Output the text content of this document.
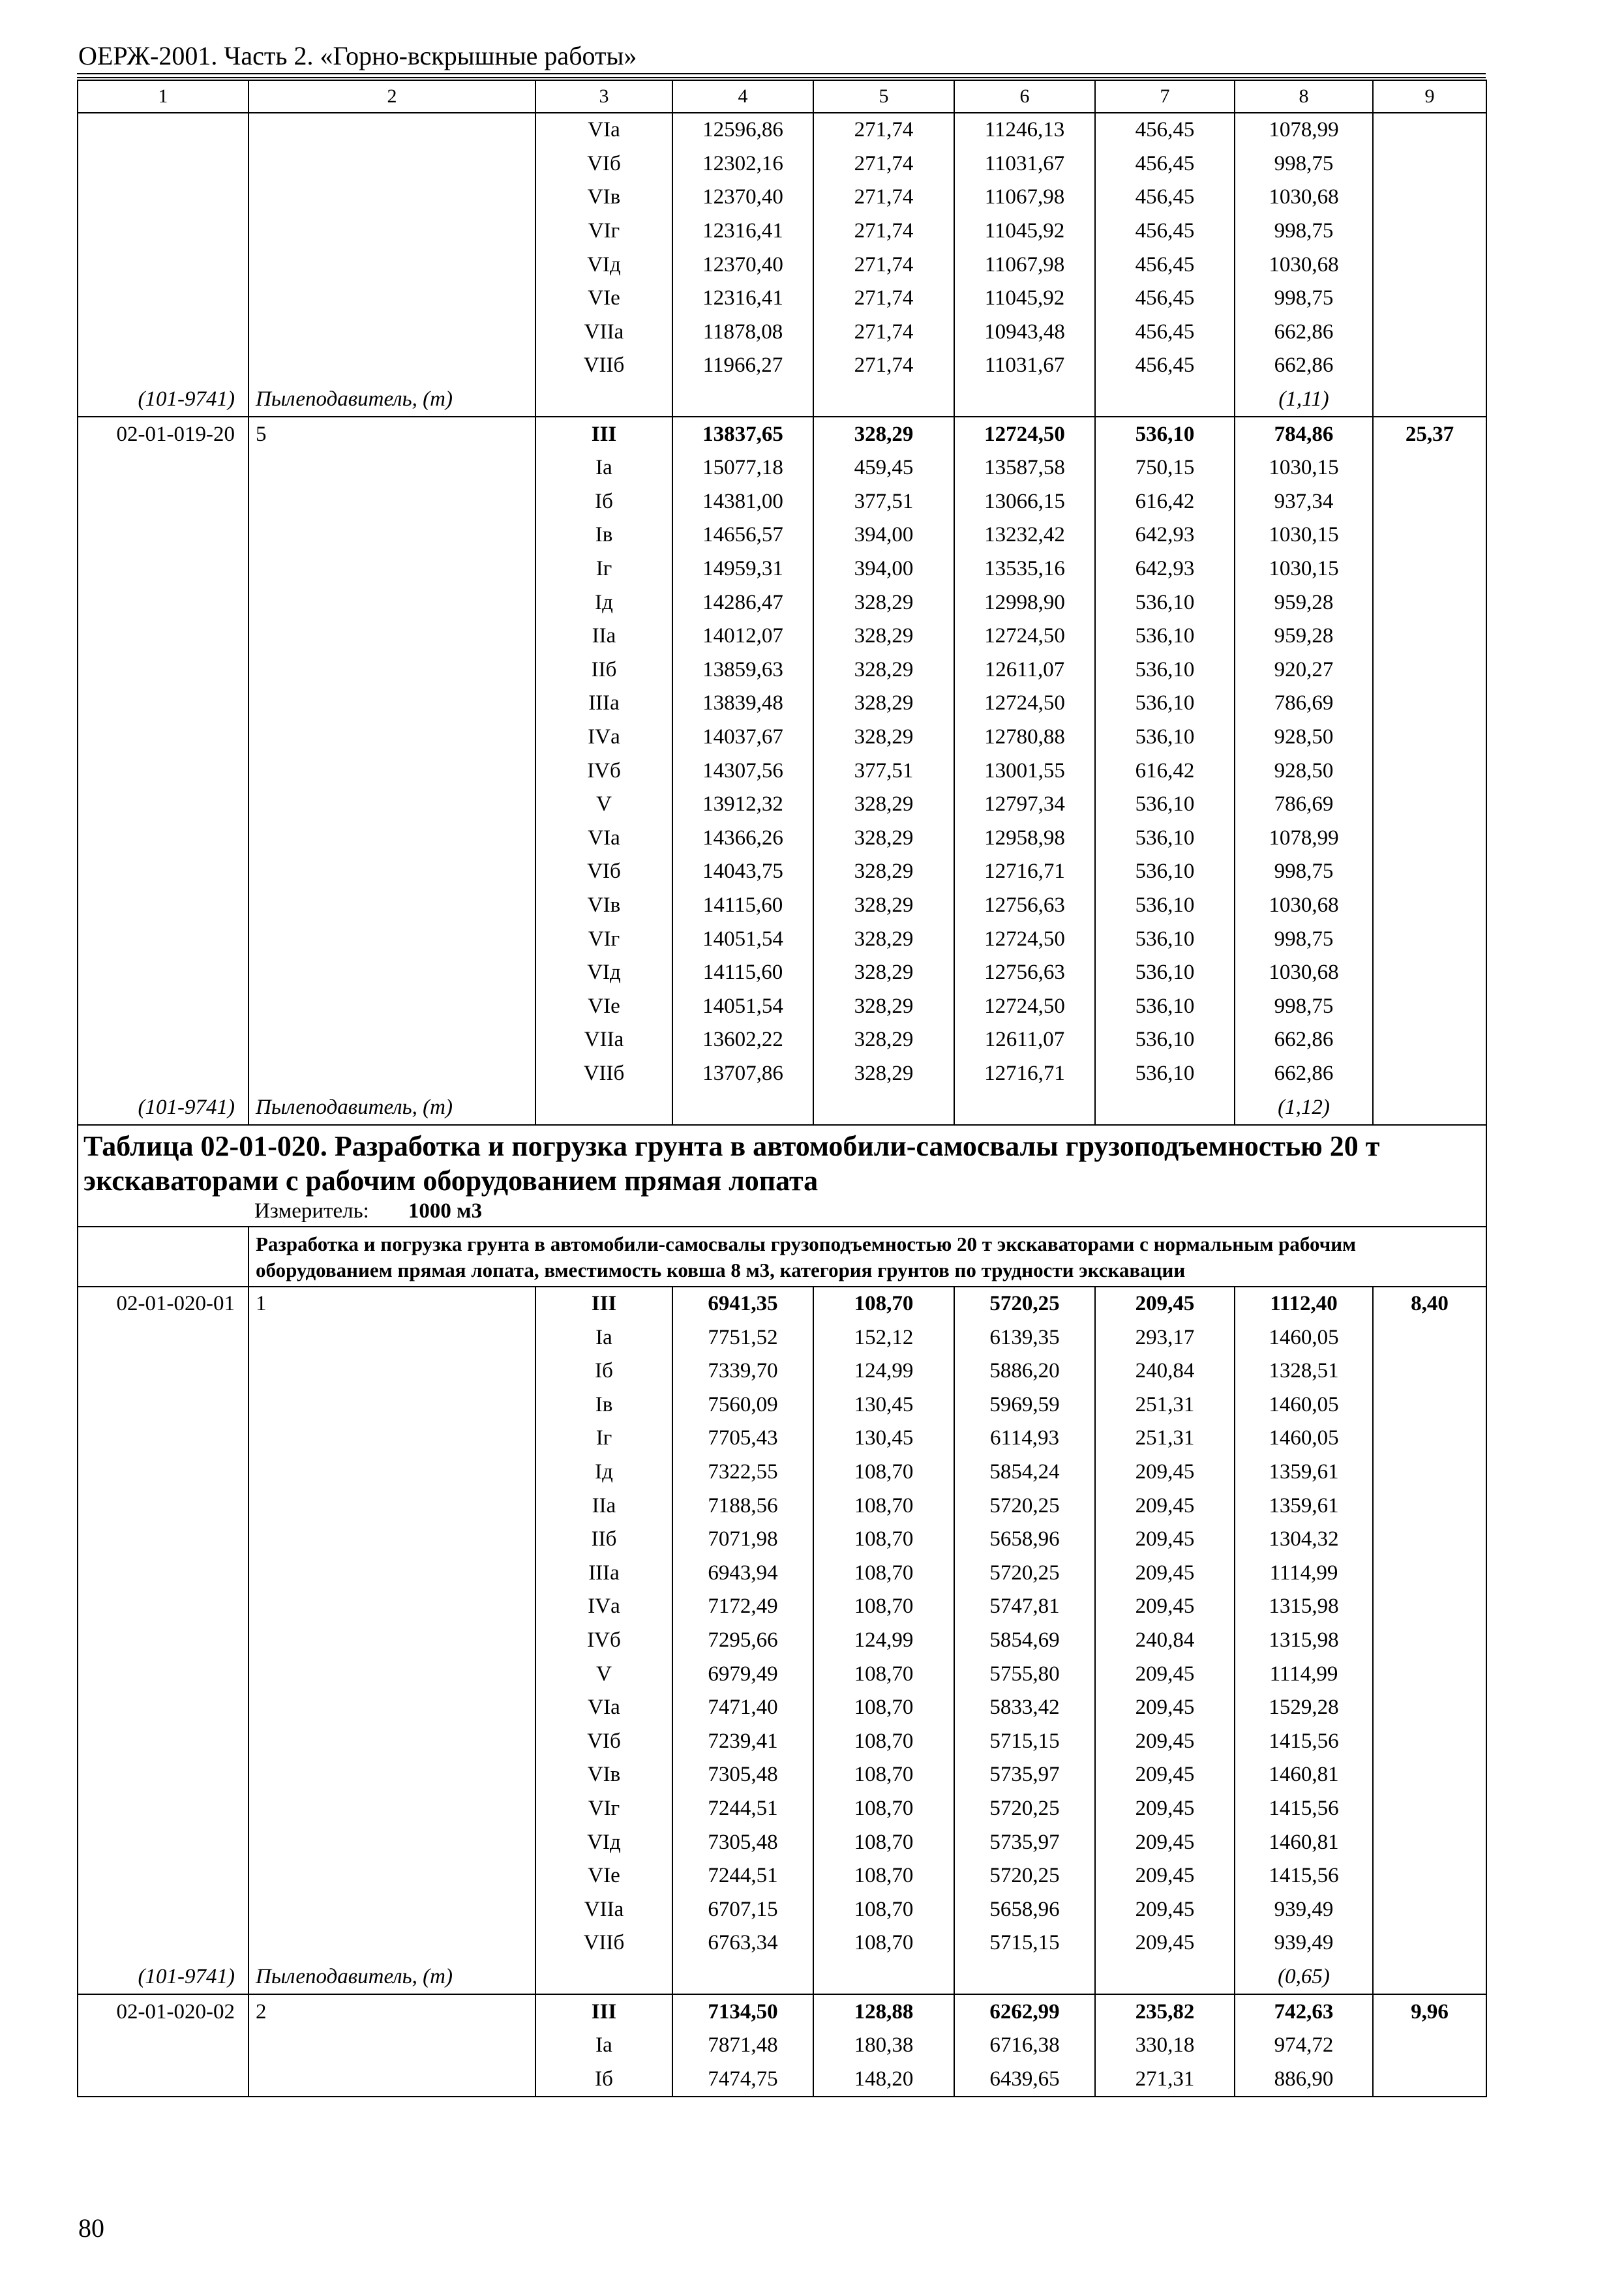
ОЕРЖ-2001. Часть 2. «Горно-вскрышные работы»
1	2	3	4	5	6	7	8	9
		VIа	12596,86	271,74	11246,13	456,45	1078,99	
		VIб	12302,16	271,74	11031,67	456,45	998,75	
		VIв	12370,40	271,74	11067,98	456,45	1030,68	
		VIг	12316,41	271,74	11045,92	456,45	998,75	
		VIд	12370,40	271,74	11067,98	456,45	1030,68	
		VIе	12316,41	271,74	11045,92	456,45	998,75	
		VIIа	11878,08	271,74	10943,48	456,45	662,86	
		VIIб	11966,27	271,74	11031,67	456,45	662,86	
(101-9741)	Пылеподавитель, (т)						(1,11)	
02-01-019-20	5	III	13837,65	328,29	12724,50	536,10	784,86	25,37
		Iа	15077,18	459,45	13587,58	750,15	1030,15	
		Iб	14381,00	377,51	13066,15	616,42	937,34	
		Iв	14656,57	394,00	13232,42	642,93	1030,15	
		Iг	14959,31	394,00	13535,16	642,93	1030,15	
		Iд	14286,47	328,29	12998,90	536,10	959,28	
		IIа	14012,07	328,29	12724,50	536,10	959,28	
		IIб	13859,63	328,29	12611,07	536,10	920,27	
		IIIа	13839,48	328,29	12724,50	536,10	786,69	
		IVа	14037,67	328,29	12780,88	536,10	928,50	
		IVб	14307,56	377,51	13001,55	616,42	928,50	
		V	13912,32	328,29	12797,34	536,10	786,69	
		VIа	14366,26	328,29	12958,98	536,10	1078,99	
		VIб	14043,75	328,29	12716,71	536,10	998,75	
		VIв	14115,60	328,29	12756,63	536,10	1030,68	
		VIг	14051,54	328,29	12724,50	536,10	998,75	
		VIд	14115,60	328,29	12756,63	536,10	1030,68	
		VIе	14051,54	328,29	12724,50	536,10	998,75	
		VIIа	13602,22	328,29	12611,07	536,10	662,86	
		VIIб	13707,86	328,29	12716,71	536,10	662,86	
(101-9741)	Пылеподавитель, (т)						(1,12)	

Таблица 02-01-020. Разработка и погрузка грунта в автомобили-самосвалы грузоподъемностью 20 т экскаваторами с рабочим оборудованием прямая лопата
Измеритель: 1000 м3								

	Разработка и погрузка грунта в автомобили-самосвалы грузоподъемностью 20 т экскаваторами с нормальным рабочим оборудованием прямая лопата, вместимость ковша 8 м3, категория грунтов по трудности экскавации							
02-01-020-01	1	III	6941,35	108,70	5720,25	209,45	1112,40	8,40
		Iа	7751,52	152,12	6139,35	293,17	1460,05	
		Iб	7339,70	124,99	5886,20	240,84	1328,51	
		Iв	7560,09	130,45	5969,59	251,31	1460,05	
		Iг	7705,43	130,45	6114,93	251,31	1460,05	
		Iд	7322,55	108,70	5854,24	209,45	1359,61	
		IIа	7188,56	108,70	5720,25	209,45	1359,61	
		IIб	7071,98	108,70	5658,96	209,45	1304,32	
		IIIа	6943,94	108,70	5720,25	209,45	1114,99	
		IVа	7172,49	108,70	5747,81	209,45	1315,98	
		IVб	7295,66	124,99	5854,69	240,84	1315,98	
		V	6979,49	108,70	5755,80	209,45	1114,99	
		VIа	7471,40	108,70	5833,42	209,45	1529,28	
		VIб	7239,41	108,70	5715,15	209,45	1415,56	
		VIв	7305,48	108,70	5735,97	209,45	1460,81	
		VIг	7244,51	108,70	5720,25	209,45	1415,56	
		VIд	7305,48	108,70	5735,97	209,45	1460,81	
		VIе	7244,51	108,70	5720,25	209,45	1415,56	
		VIIа	6707,15	108,70	5658,96	209,45	939,49	
		VIIб	6763,34	108,70	5715,15	209,45	939,49	
(101-9741)	Пылеподавитель, (т)						(0,65)	
02-01-020-02	2	III	7134,50	128,88	6262,99	235,82	742,63	9,96
		Iа	7871,48	180,38	6716,38	330,18	974,72	
		Iб	7474,75	148,20	6439,65	271,31	886,90	
80
